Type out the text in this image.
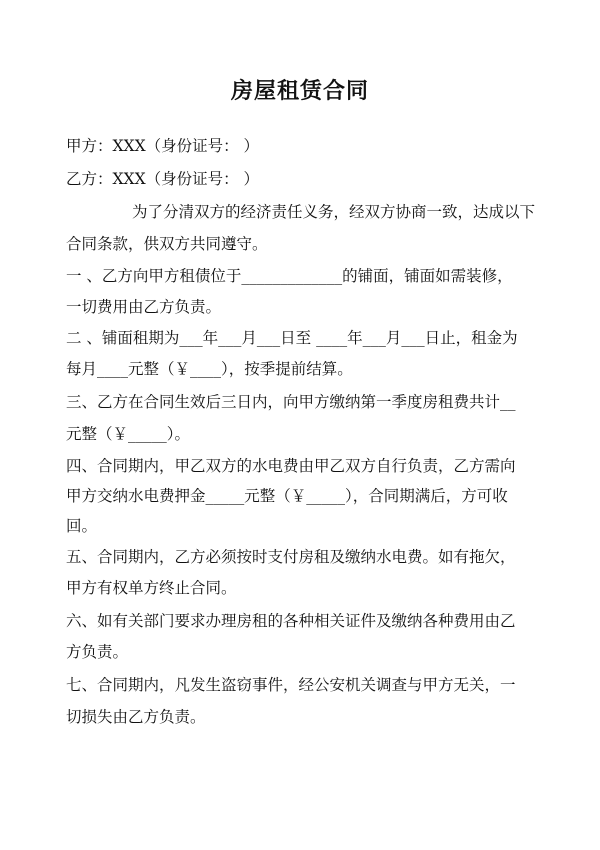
房屋租赁合同
甲方：XXX（身份证号： ）
乙方：XXX（身份证号： ）
为了分清双方的经济责任义务，经双方协商一致，达成以下
合同条款，供双方共同遵守。
一 、乙方向甲方租债位于_____________的铺面，铺面如需装修，
一切费用由乙方负责。
二 、铺面租期为___年___月___日至 ____年___月___日止，租金为
每月____元整（￥____），按季提前结算。
三、乙方在合同生效后三日内，向甲方缴纳第一季度房租费共计__
元整（￥_____）。
四、合同期内，甲乙双方的水电费由甲乙双方自行负责，乙方需向
甲方交纳水电费押金_____元整（￥_____），合同期满后，方可收
回。
五、合同期内，乙方必须按时支付房租及缴纳水电费。如有拖欠，
甲方有权单方终止合同。
六、如有关部门要求办理房租的各种相关证件及缴纳各种费用由乙
方负责。
七、合同期内，凡发生盗窃事件，经公安机关调查与甲方无关，一
切损失由乙方负责。
